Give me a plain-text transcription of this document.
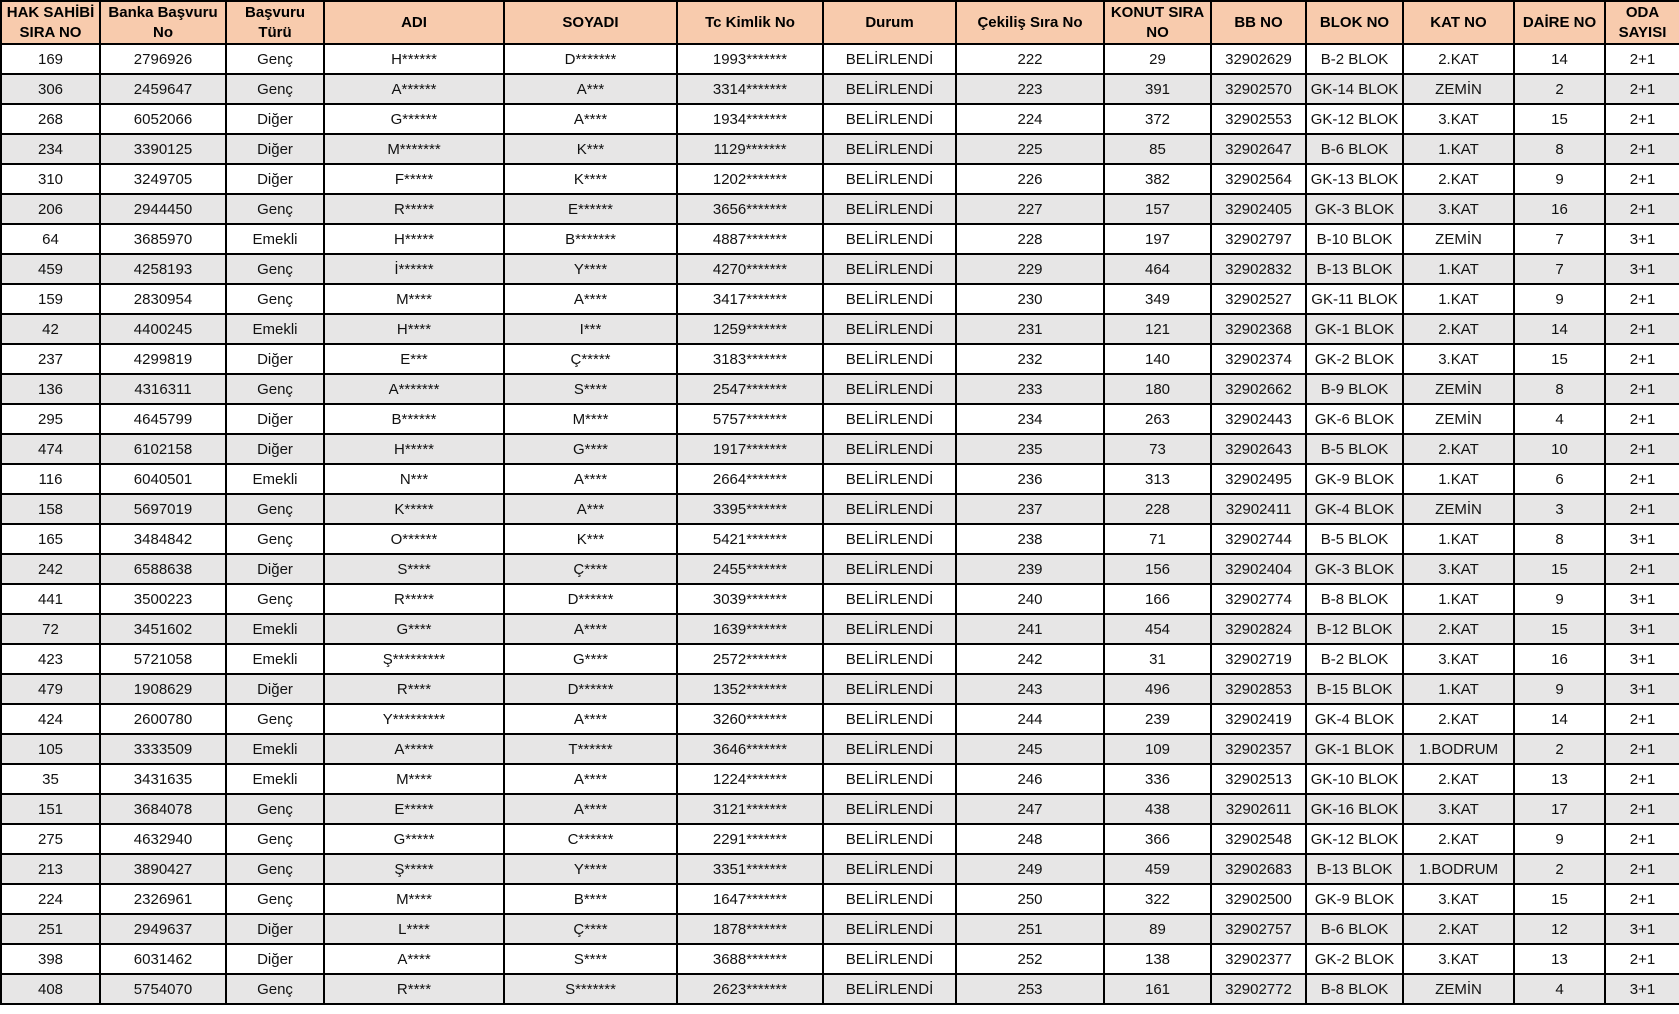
HAK SAHİBİ SIRA NO	Banka Başvuru No	Başvuru Türü	ADI	SOYADI	Tc Kimlik No	Durum	Çekiliş Sıra No	KONUT SIRA NO	BB NO	BLOK NO	KAT NO	DAİRE NO	ODA SAYISI
169	2796926	Genç	H******	D*******	1993*******	BELİRLENDİ	222	29	32902629	B-2 BLOK	2.KAT	14	2+1
306	2459647	Genç	A******	A***	3314*******	BELİRLENDİ	223	391	32902570	GK-14 BLOK	ZEMİN	2	2+1
268	6052066	Diğer	G******	A****	1934*******	BELİRLENDİ	224	372	32902553	GK-12 BLOK	3.KAT	15	2+1
234	3390125	Diğer	M*******	K***	1129*******	BELİRLENDİ	225	85	32902647	B-6 BLOK	1.KAT	8	2+1
310	3249705	Diğer	F*****	K****	1202*******	BELİRLENDİ	226	382	32902564	GK-13 BLOK	2.KAT	9	2+1
206	2944450	Genç	R*****	E******	3656*******	BELİRLENDİ	227	157	32902405	GK-3 BLOK	3.KAT	16	2+1
64	3685970	Emekli	H*****	B*******	4887*******	BELİRLENDİ	228	197	32902797	B-10 BLOK	ZEMİN	7	3+1
459	4258193	Genç	İ******	Y****	4270*******	BELİRLENDİ	229	464	32902832	B-13 BLOK	1.KAT	7	3+1
159	2830954	Genç	M****	A****	3417*******	BELİRLENDİ	230	349	32902527	GK-11 BLOK	1.KAT	9	2+1
42	4400245	Emekli	H****	I***	1259*******	BELİRLENDİ	231	121	32902368	GK-1 BLOK	2.KAT	14	2+1
237	4299819	Diğer	E***	Ç*****	3183*******	BELİRLENDİ	232	140	32902374	GK-2 BLOK	3.KAT	15	2+1
136	4316311	Genç	A*******	S****	2547*******	BELİRLENDİ	233	180	32902662	B-9 BLOK	ZEMİN	8	2+1
295	4645799	Diğer	B******	M****	5757*******	BELİRLENDİ	234	263	32902443	GK-6 BLOK	ZEMİN	4	2+1
474	6102158	Diğer	H*****	G****	1917*******	BELİRLENDİ	235	73	32902643	B-5 BLOK	2.KAT	10	2+1
116	6040501	Emekli	N***	A****	2664*******	BELİRLENDİ	236	313	32902495	GK-9 BLOK	1.KAT	6	2+1
158	5697019	Genç	K*****	A***	3395*******	BELİRLENDİ	237	228	32902411	GK-4 BLOK	ZEMİN	3	2+1
165	3484842	Genç	O******	K***	5421*******	BELİRLENDİ	238	71	32902744	B-5 BLOK	1.KAT	8	3+1
242	6588638	Diğer	S****	Ç****	2455*******	BELİRLENDİ	239	156	32902404	GK-3 BLOK	3.KAT	15	2+1
441	3500223	Genç	R*****	D******	3039*******	BELİRLENDİ	240	166	32902774	B-8 BLOK	1.KAT	9	3+1
72	3451602	Emekli	G****	A****	1639*******	BELİRLENDİ	241	454	32902824	B-12 BLOK	2.KAT	15	3+1
423	5721058	Emekli	Ş*********	G****	2572*******	BELİRLENDİ	242	31	32902719	B-2 BLOK	3.KAT	16	3+1
479	1908629	Diğer	R****	D******	1352*******	BELİRLENDİ	243	496	32902853	B-15 BLOK	1.KAT	9	3+1
424	2600780	Genç	Y*********	A****	3260*******	BELİRLENDİ	244	239	32902419	GK-4 BLOK	2.KAT	14	2+1
105	3333509	Emekli	A*****	T******	3646*******	BELİRLENDİ	245	109	32902357	GK-1 BLOK	1.BODRUM	2	2+1
35	3431635	Emekli	M****	A****	1224*******	BELİRLENDİ	246	336	32902513	GK-10 BLOK	2.KAT	13	2+1
151	3684078	Genç	E*****	A****	3121*******	BELİRLENDİ	247	438	32902611	GK-16 BLOK	3.KAT	17	2+1
275	4632940	Genç	G*****	C******	2291*******	BELİRLENDİ	248	366	32902548	GK-12 BLOK	2.KAT	9	2+1
213	3890427	Genç	Ş*****	Y****	3351*******	BELİRLENDİ	249	459	32902683	B-13 BLOK	1.BODRUM	2	2+1
224	2326961	Genç	M****	B****	1647*******	BELİRLENDİ	250	322	32902500	GK-9 BLOK	3.KAT	15	2+1
251	2949637	Diğer	L****	Ç****	1878*******	BELİRLENDİ	251	89	32902757	B-6 BLOK	2.KAT	12	3+1
398	6031462	Diğer	A****	S****	3688*******	BELİRLENDİ	252	138	32902377	GK-2 BLOK	3.KAT	13	2+1
408	5754070	Genç	R****	S*******	2623*******	BELİRLENDİ	253	161	32902772	B-8 BLOK	ZEMİN	4	3+1
